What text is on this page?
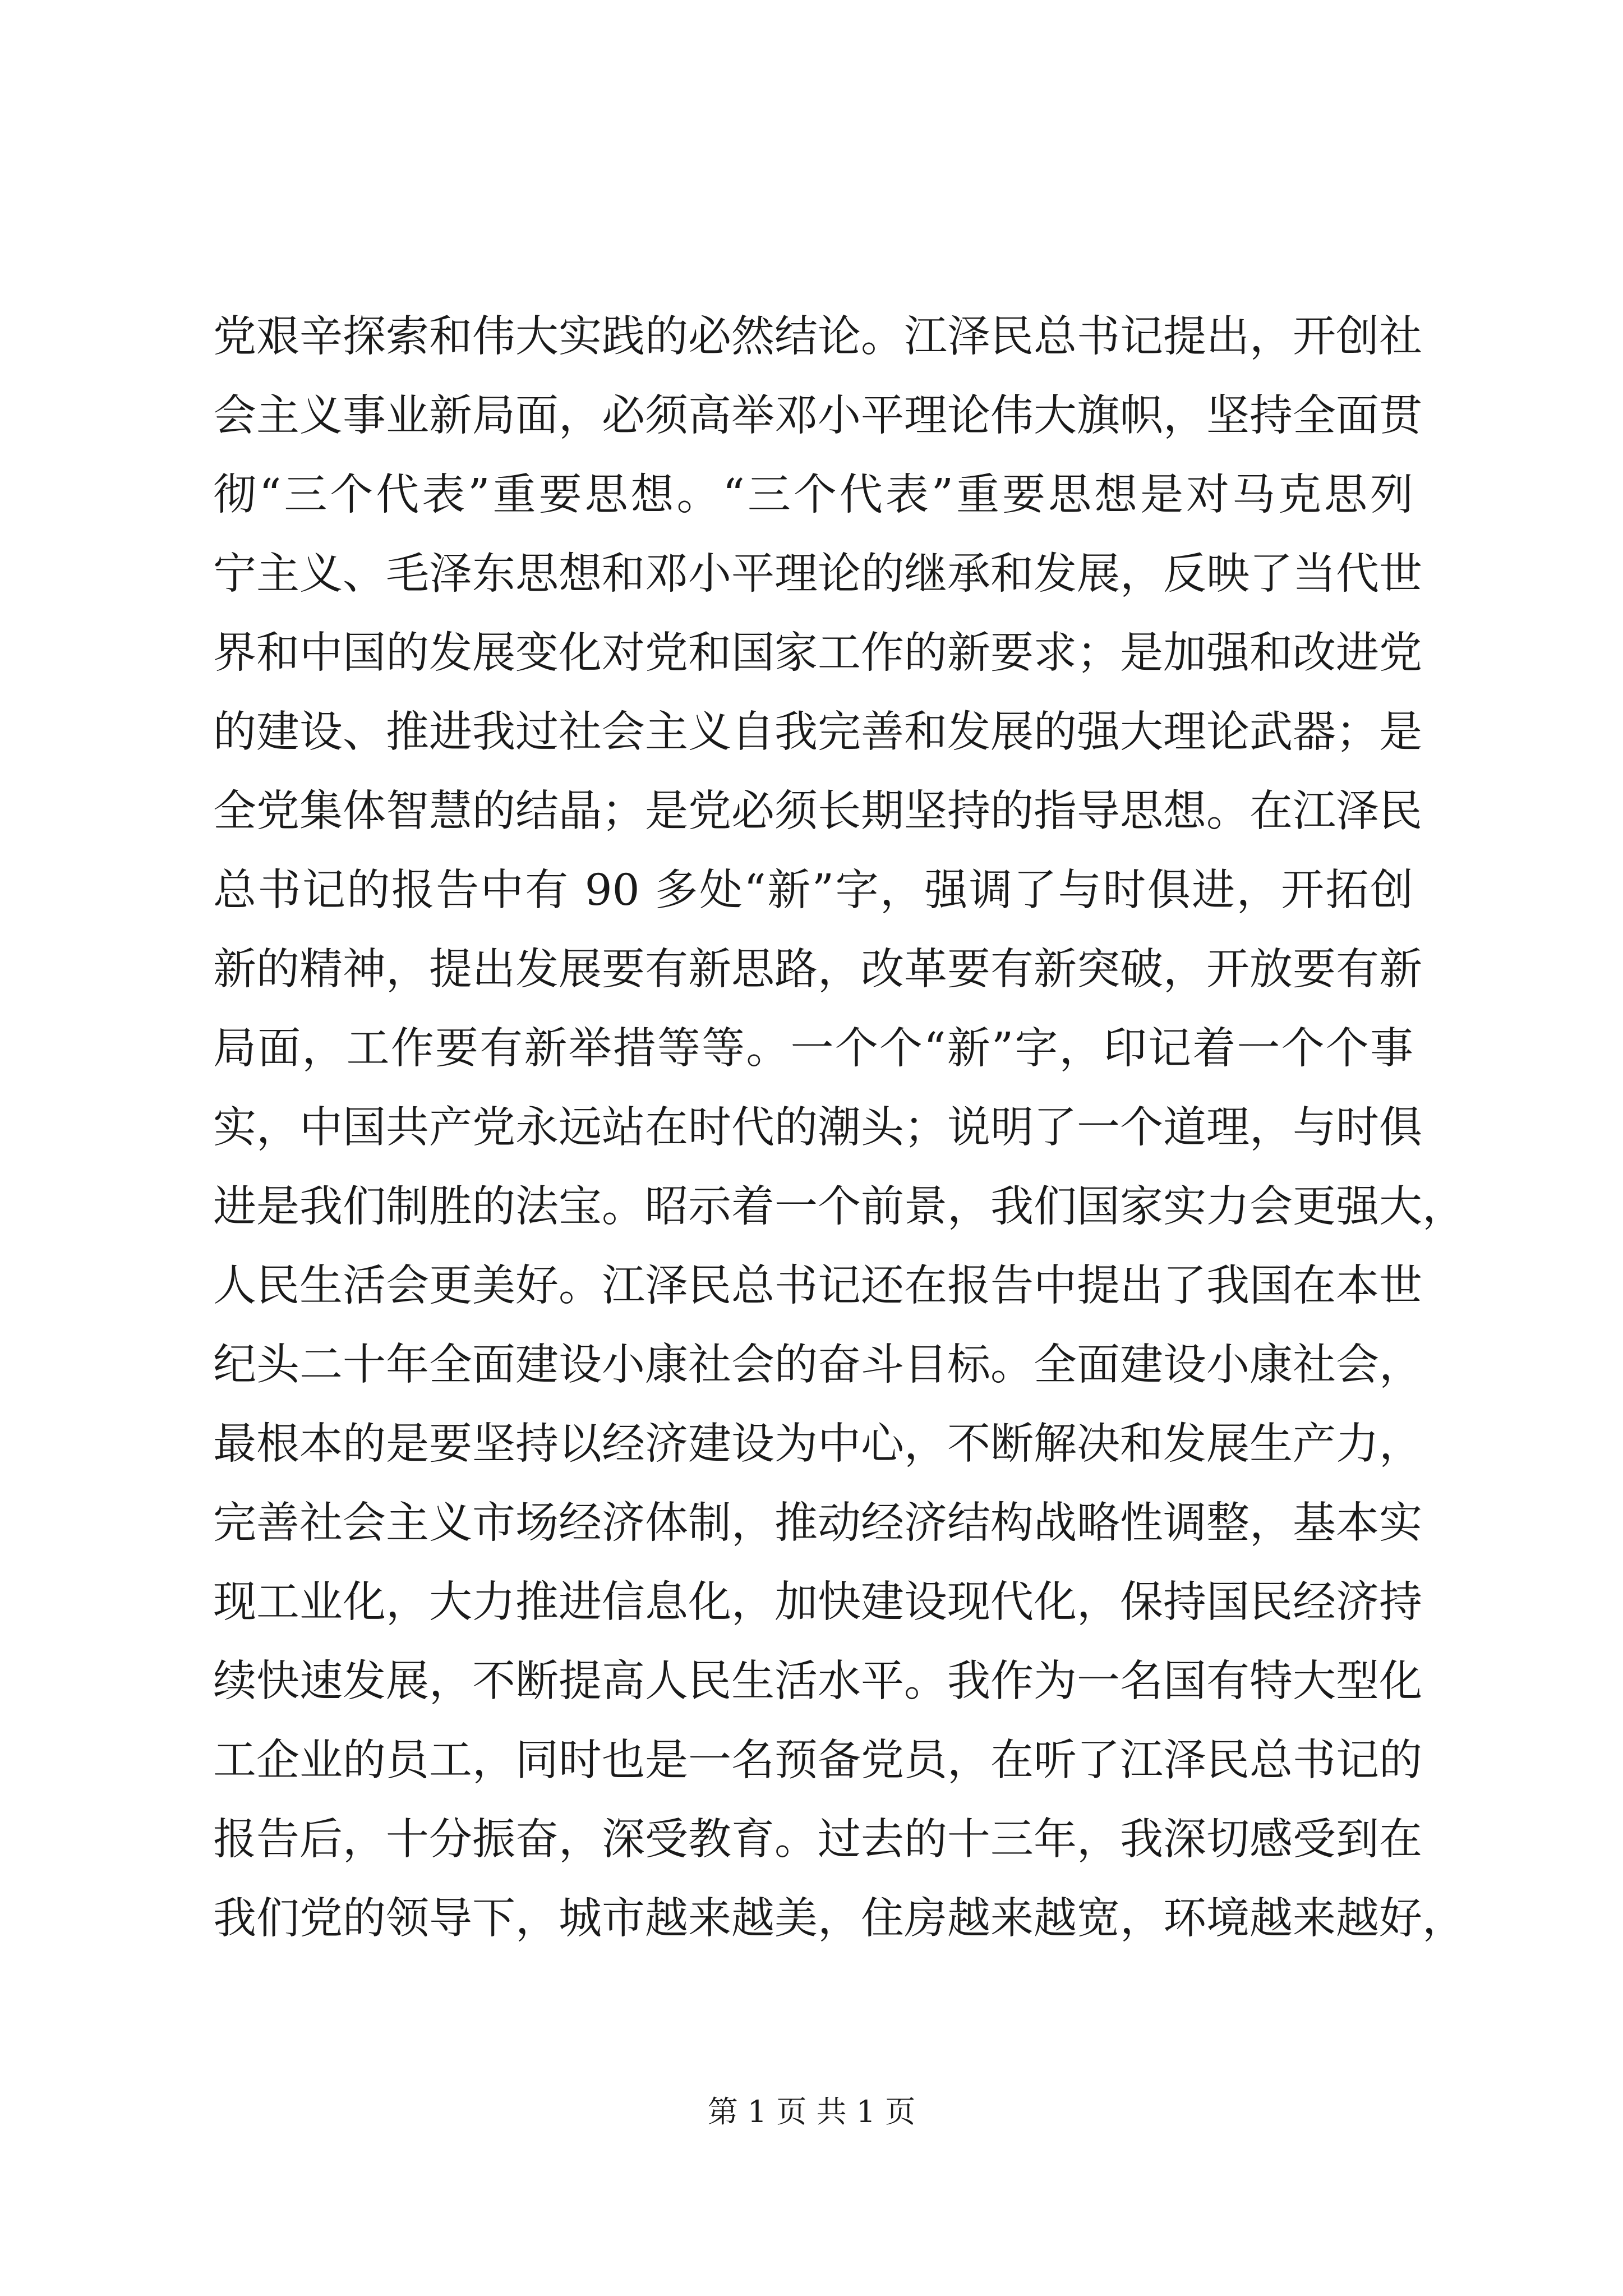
党艰辛探索和伟大实践的必然结论。江泽民总书记提出，开创社
会主义事业新局面，必须高举邓小平理论伟大旗帜，坚持全面贯
彻“三个代表”重要思想。“三个代表”重要思想是对马克思列
宁主义、毛泽东思想和邓小平理论的继承和发展，反映了当代世
界和中国的发展变化对党和国家工作的新要求；是加强和改进党
的建设、推进我过社会主义自我完善和发展的强大理论武器；是
全党集体智慧的结晶；是党必须长期坚持的指导思想。在江泽民
总书记的报告中有 90 多处“新”字，强调了与时俱进，开拓创
新的精神，提出发展要有新思路，改革要有新突破，开放要有新
局面，工作要有新举措等等。一个个“新”字，印记着一个个事
实，中国共产党永远站在时代的潮头；说明了一个道理，与时俱
进是我们制胜的法宝。昭示着一个前景，我们国家实力会更强大，
人民生活会更美好。江泽民总书记还在报告中提出了我国在本世
纪头二十年全面建设小康社会的奋斗目标。全面建设小康社会，
最根本的是要坚持以经济建设为中心，不断解决和发展生产力，
完善社会主义市场经济体制，推动经济结构战略性调整，基本实
现工业化，大力推进信息化，加快建设现代化，保持国民经济持
续快速发展，不断提高人民生活水平。我作为一名国有特大型化
工企业的员工，同时也是一名预备党员，在听了江泽民总书记的
报告后，十分振奋，深受教育。过去的十三年，我深切感受到在
我们党的领导下，城市越来越美，住房越来越宽，环境越来越好，
第 1 页 共 1 页
